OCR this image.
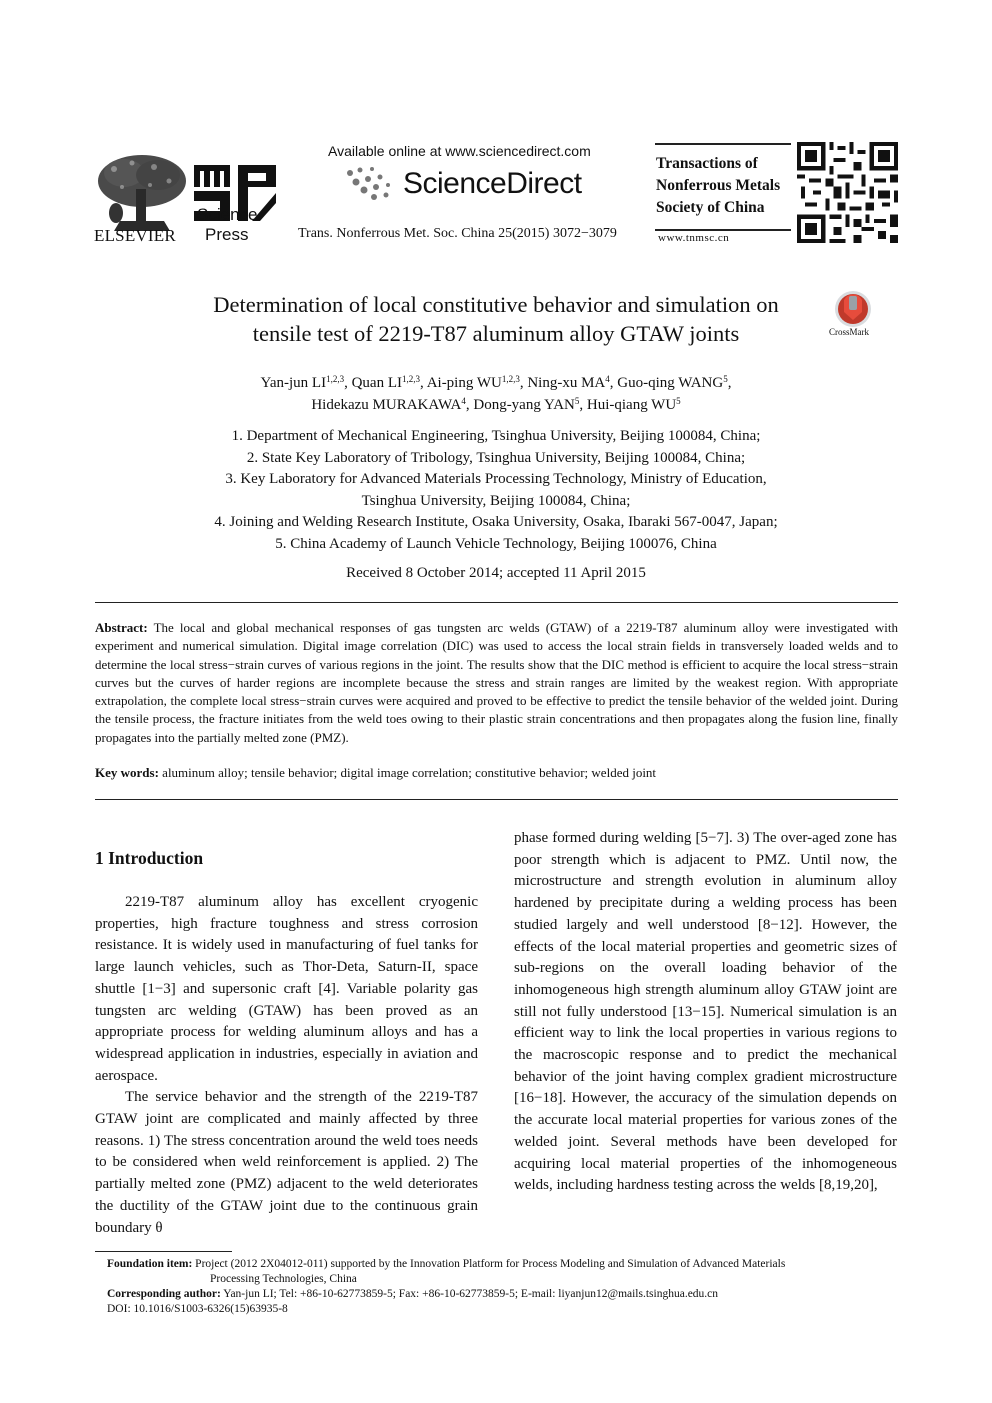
ELSEVIER
Science
Press
Available online at www.sciencedirect.com
ScienceDirect
Trans. Nonferrous Met. Soc. China 25(2015) 3072−3079
Transactions of
Nonferrous Metals
Society of China
www.tnmsc.cn
Determination of local constitutive behavior and simulation on
tensile test of 2219-T87 aluminum alloy GTAW joints	CrossMark
Yan-jun LI$^{1,2,3}$, Quan LI$^{1,2,3}$, Ai-ping WU$^{1,2,3}$, Ning-xu $MA^4$, Guo-qing WANG$^5$,
Hidekazu MURAKAWA$^4$, Dong-yang YAN$^5$, Hui-qiang $WU^5$
1. Department of Mechanical Engineering, Tsinghua University, Beijing 100084, China;
2. State Key Laboratory of Tribology, Tsinghua University, Beijing 100084, China;
3. Key Laboratory for Advanced Materials Processing Technology, Ministry of Education,
Tsinghua University, Beijing 100084, China;
4. Joining and Welding Research Institute, Osaka University, Osaka, Ibaraki 567-0047, Japan;
5. China Academy of Launch Vehicle Technology, Beijing 100076, China
Received 8 October 2014; accepted 11 April 2015
Abstract: The local and global mechanical responses of gas tungsten arc welds (GTAW) of a 2219-T87 aluminum alloy were investigated with experiment and numerical simulation. Digital image correlation (DIC) was used to access the local strain fields in transversely loaded welds and to determine the local stress−strain curves of various regions in the joint. The results show that the DIC method is efficient to acquire the local stress−strain curves but the curves of harder regions are incomplete because the stress and strain ranges are limited by the weakest region. With appropriate extrapolation, the complete local stress−strain curves were acquired and proved to be effective to predict the tensile behavior of the welded joint. During the tensile process, the fracture initiates from the weld toes owing to their plastic strain concentrations and then propagates along the fusion line, finally propagates into the partially melted zone (PMZ).
Key words: aluminum alloy; tensile behavior; digital image correlation; constitutive behavior; welded joint
1 Introduction

2219-T87 aluminum alloy has excellent cryogenic properties, high fracture toughness and stress corrosion resistance. It is widely used in manufacturing of fuel tanks for large launch vehicles, such as Thor-Deta, Saturn-II, space shuttle [1−3] and supersonic craft [4]. Variable polarity gas tungsten arc welding (GTAW) has been proved as an appropriate process for welding aluminum alloys and has a widespread application in industries, especially in aviation and aerospace.

The service behavior and the strength of the 2219-T87 GTAW joint are complicated and mainly affected by three reasons. 1) The stress concentration around the weld toes needs to be considered when weld reinforcement is applied. 2) The partially melted zone (PMZ) adjacent to the weld deteriorates the ductility of the GTAW joint due to the continuous grain boundary θ

phase formed during welding [5−7]. 3) The over-aged zone has poor strength which is adjacent to PMZ. Until now, the microstructure and strength evolution in aluminum alloy hardened by precipitate during a welding process has been studied largely and well understood [8−12]. However, the effects of the local material properties and geometric sizes of sub-regions on the overall loading behavior of the inhomogeneous high strength aluminum alloy GTAW joint are still not fully understood [13−15]. Numerical simulation is an efficient way to link the local properties in various regions to the macroscopic response and to predict the mechanical behavior of the joint having complex gradient microstructure [16−18]. However, the accuracy of the simulation depends on the accurate local material properties for various zones of the welded joint. Several methods have been developed for acquiring local material properties of the inhomogeneous welds, including hardness testing across the welds [8,19,20],

Foundation item: Project (2012 2X04012-011) supported by the Innovation Platform for Process Modeling and Simulation of Advanced Materials
Processing Technologies, China
Corresponding author: Yan-jun LI; Tel: +86-10-62773859-5; Fax: +86-10-62773859-5; E-mail: liyanjun12@mails.tsinghua.edu.cn
DOI: 10.1016/S1003-6326(15)63935-8
